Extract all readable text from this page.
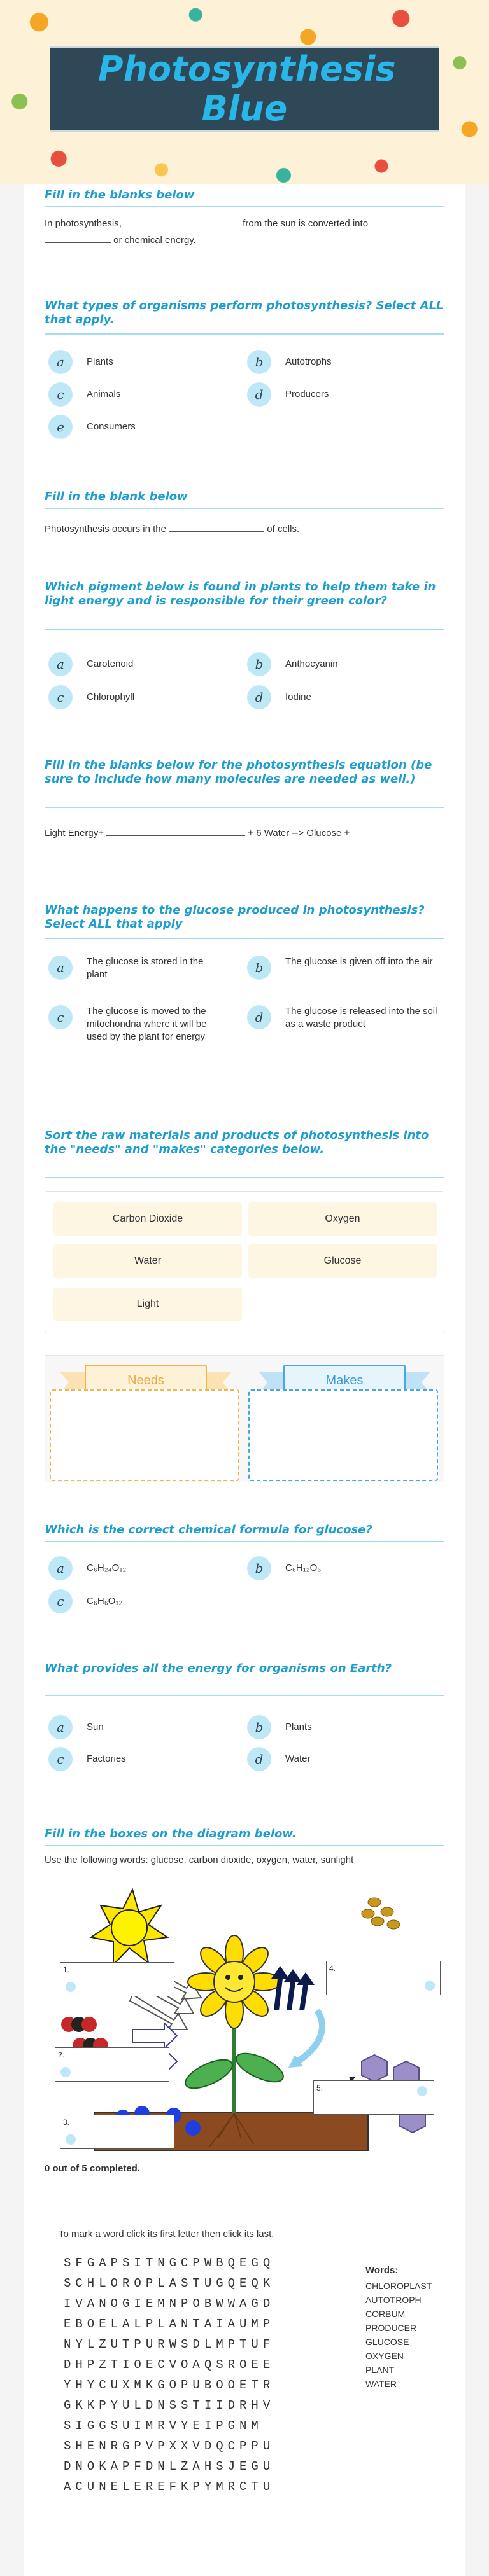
Photosynthesis Blue
Fill in the blanks below
In photosynthesis,	from the sun is converted into
or chemical energy.
What types of organisms perform photosynthesis? Select ALL that apply.
a	Plants	b	Autotrophs
c	Animals	d	Producers
e	Consumers
Fill in the blank below
Photosynthesis occurs in the	of cells.
Which pigment below is found in plants to help them take in light energy and is responsible for their green color?
a	Carotenoid	b	Anthocyanin
c	Chlorophyll	d	Iodine
Fill in the blanks below for the photosynthesis equation (be sure to include how many molecules are needed as well.)
Light Energy+	+ 6 Water --> Glucose +

What happens to the glucose produced in photosynthesis? Select ALL that apply
a	The glucose is stored in the plant	b	The glucose is given off into the air
c	The glucose is moved to the mitochondria where it will be used by the plant for energy
d	The glucose is released into the soil as a waste product
Sort the raw materials and products of photosynthesis into the "needs" and "makes" categories below.
Carbon Dioxide	Oxygen
Water	Glucose
Light
Needs	Makes
Which is the correct chemical formula for glucose?
a	C₆H₂₄O₁₂	b	C₆H₁₂O₆
c	C₆H₆O₁₂
What provides all the energy for organisms on Earth?
a	Sun	b	Plants
c	Factories	d	Water
Fill in the boxes on the diagram below.
Use the following words: glucose, carbon dioxide, oxygen, water, sunlight
1.
2.
3.
4.
5.
0 out of 5 completed.
To mark a word click its first letter then click its last.
SFGAPSITNGCPWBQEGQ
SCHLOROPLASTUGQEQK
IVANOGIEMNPOBWWAGD
EBOELALPLANTAIAUMP
NYLZUTPURWSDLMPTUF
DHPZTIOECVOAQSROEE
YHYCUXMKGOPUBOOETR
GKKPYULDNSSTIIDRHV
SIGGSUIMRVYEIPGNM
SHENRGPVPXXVDQCPPU
DNOKAPFDNLZAHSJEGU
ACUNELEREFKPYMRCTU
Words:
CHLOROPLAST
AUTOTROPH
CORBUM
PRODUCER
GLUCOSE
OXYGEN
PLANT
WATER
